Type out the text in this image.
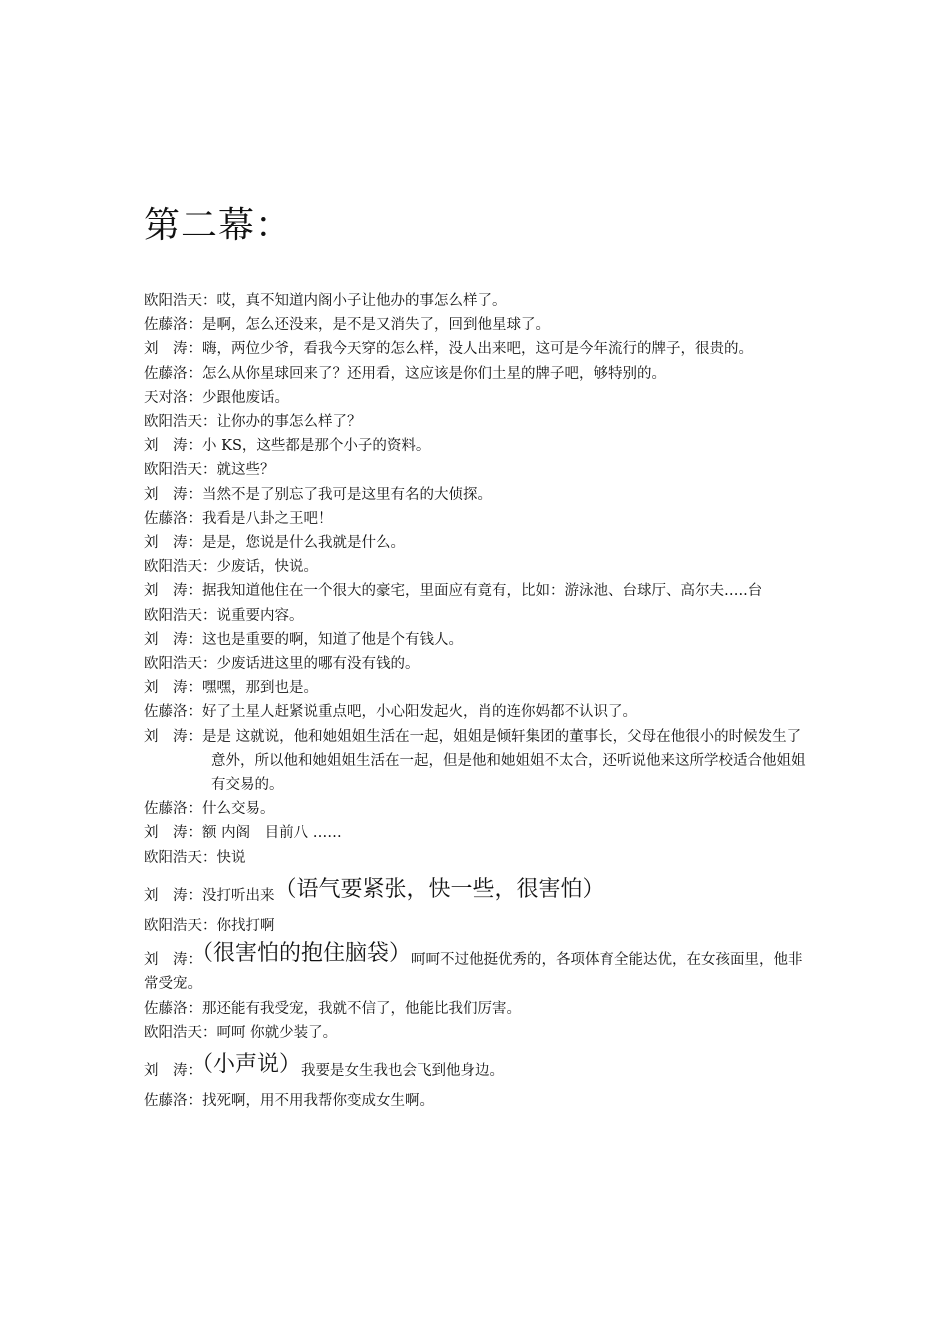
第二幕：
欧阳浩天：哎，真不知道内阁小子让他办的事怎么样了。
佐藤洛：是啊，怎么还没来，是不是又消失了，回到他星球了。
刘　涛：嗨，两位少爷，看我今天穿的怎么样，没人出来吧，这可是今年流行的牌子，很贵的。
佐藤洛：怎么从你星球回来了？还用看，这应该是你们土星的牌子吧，够特别的。
天对洛：少跟他废话。
欧阳浩天：让你办的事怎么样了？
刘　涛：小 KS，这些都是那个小子的资料。
欧阳浩天：就这些？
刘　涛：当然不是了别忘了我可是这里有名的大侦探。
佐藤洛：我看是八卦之王吧！
刘　涛：是是，您说是什么我就是什么。
欧阳浩天：少废话，快说。
刘　涛：据我知道他住在一个很大的豪宅，里面应有竟有，比如：游泳池、台球厅、高尔夫…..台
欧阳浩天：说重要内容。
刘　涛：这也是重要的啊，知道了他是个有钱人。
欧阳浩天：少废话进这里的哪有没有钱的。
刘　涛：嘿嘿，那到也是。
佐藤洛：好了土星人赶紧说重点吧，小心阳发起火，肖的连你妈都不认识了。
刘　涛：是是 这就说，他和她姐姐生活在一起，姐姐是倾轩集团的董事长，父母在他很小的时候发生了意外，所以他和她姐姐生活在一起，但是他和她姐姐不太合，还听说他来这所学校适合他姐姐有交易的。
佐藤洛：什么交易。
刘　涛：额 内阁　目前八 ……
欧阳浩天：快说
刘　涛：没打听出来（语气要紧张，快一些，很害怕）
欧阳浩天：你找打啊
刘　涛：（很害怕的抱住脑袋）呵呵不过他挺优秀的，各项体育全能达优，在女孩面里，他非常受宠。
佐藤洛：那还能有我受宠，我就不信了，他能比我们厉害。
欧阳浩天：呵呵 你就少装了。
刘　涛：（小声说）我要是女生我也会飞到他身边。
佐藤洛：找死啊，用不用我帮你变成女生啊。
